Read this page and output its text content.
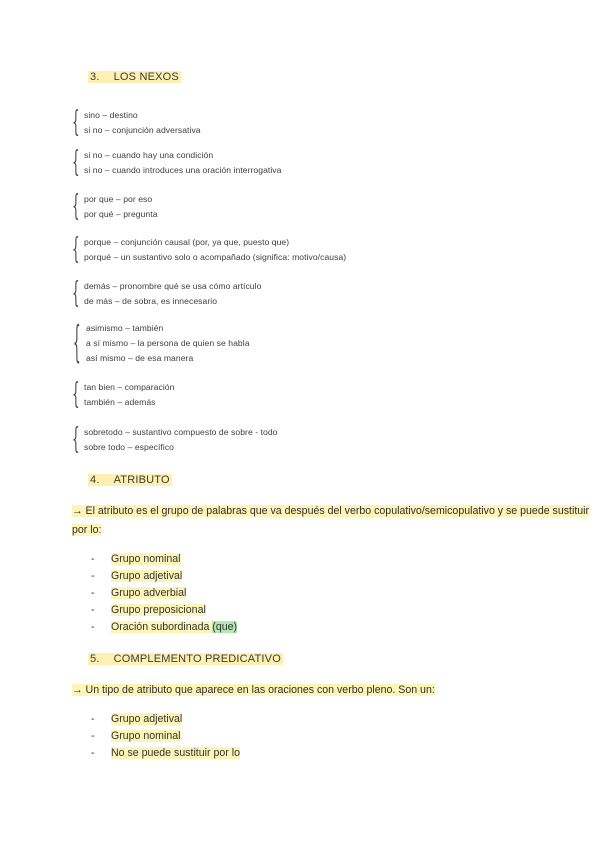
3. LOS NEXOS
{ sino – destino
si no – conjunción adversativa
{ si no – cuando hay una condición
si no – cuando introduces una oración interrogativa
{ por que – por eso
por qué – pregunta
{ porque – conjunción causal (por, ya que, puesto que)
porqué – un sustantivo solo o acompañado (significa: motivo/causa)
{ demás – pronombre qué se usa cómo artículo
de más – de sobra, es innecesario
{ asimismo – también
a sí mismo – la persona de quien se habla
así mismo – de esa manera
{ tan bien – comparación
también – además
{ sobretodo – sustantivo compuesto de sobre - todo
sobre todo – específico
4. ATRIBUTO
→ El atributo es el grupo de palabras que va después del verbo copulativo/semicopulativo y se puede sustituir
por lo:
- Grupo nominal
- Grupo adjetival
- Grupo adverbial
- Grupo preposicional
- Oración subordinada (que)
5. COMPLEMENTO PREDICATIVO
→ Un tipo de atributo que aparece en las oraciones con verbo pleno. Son un:
- Grupo adjetival
- Grupo nominal
- No se puede sustituir por lo
